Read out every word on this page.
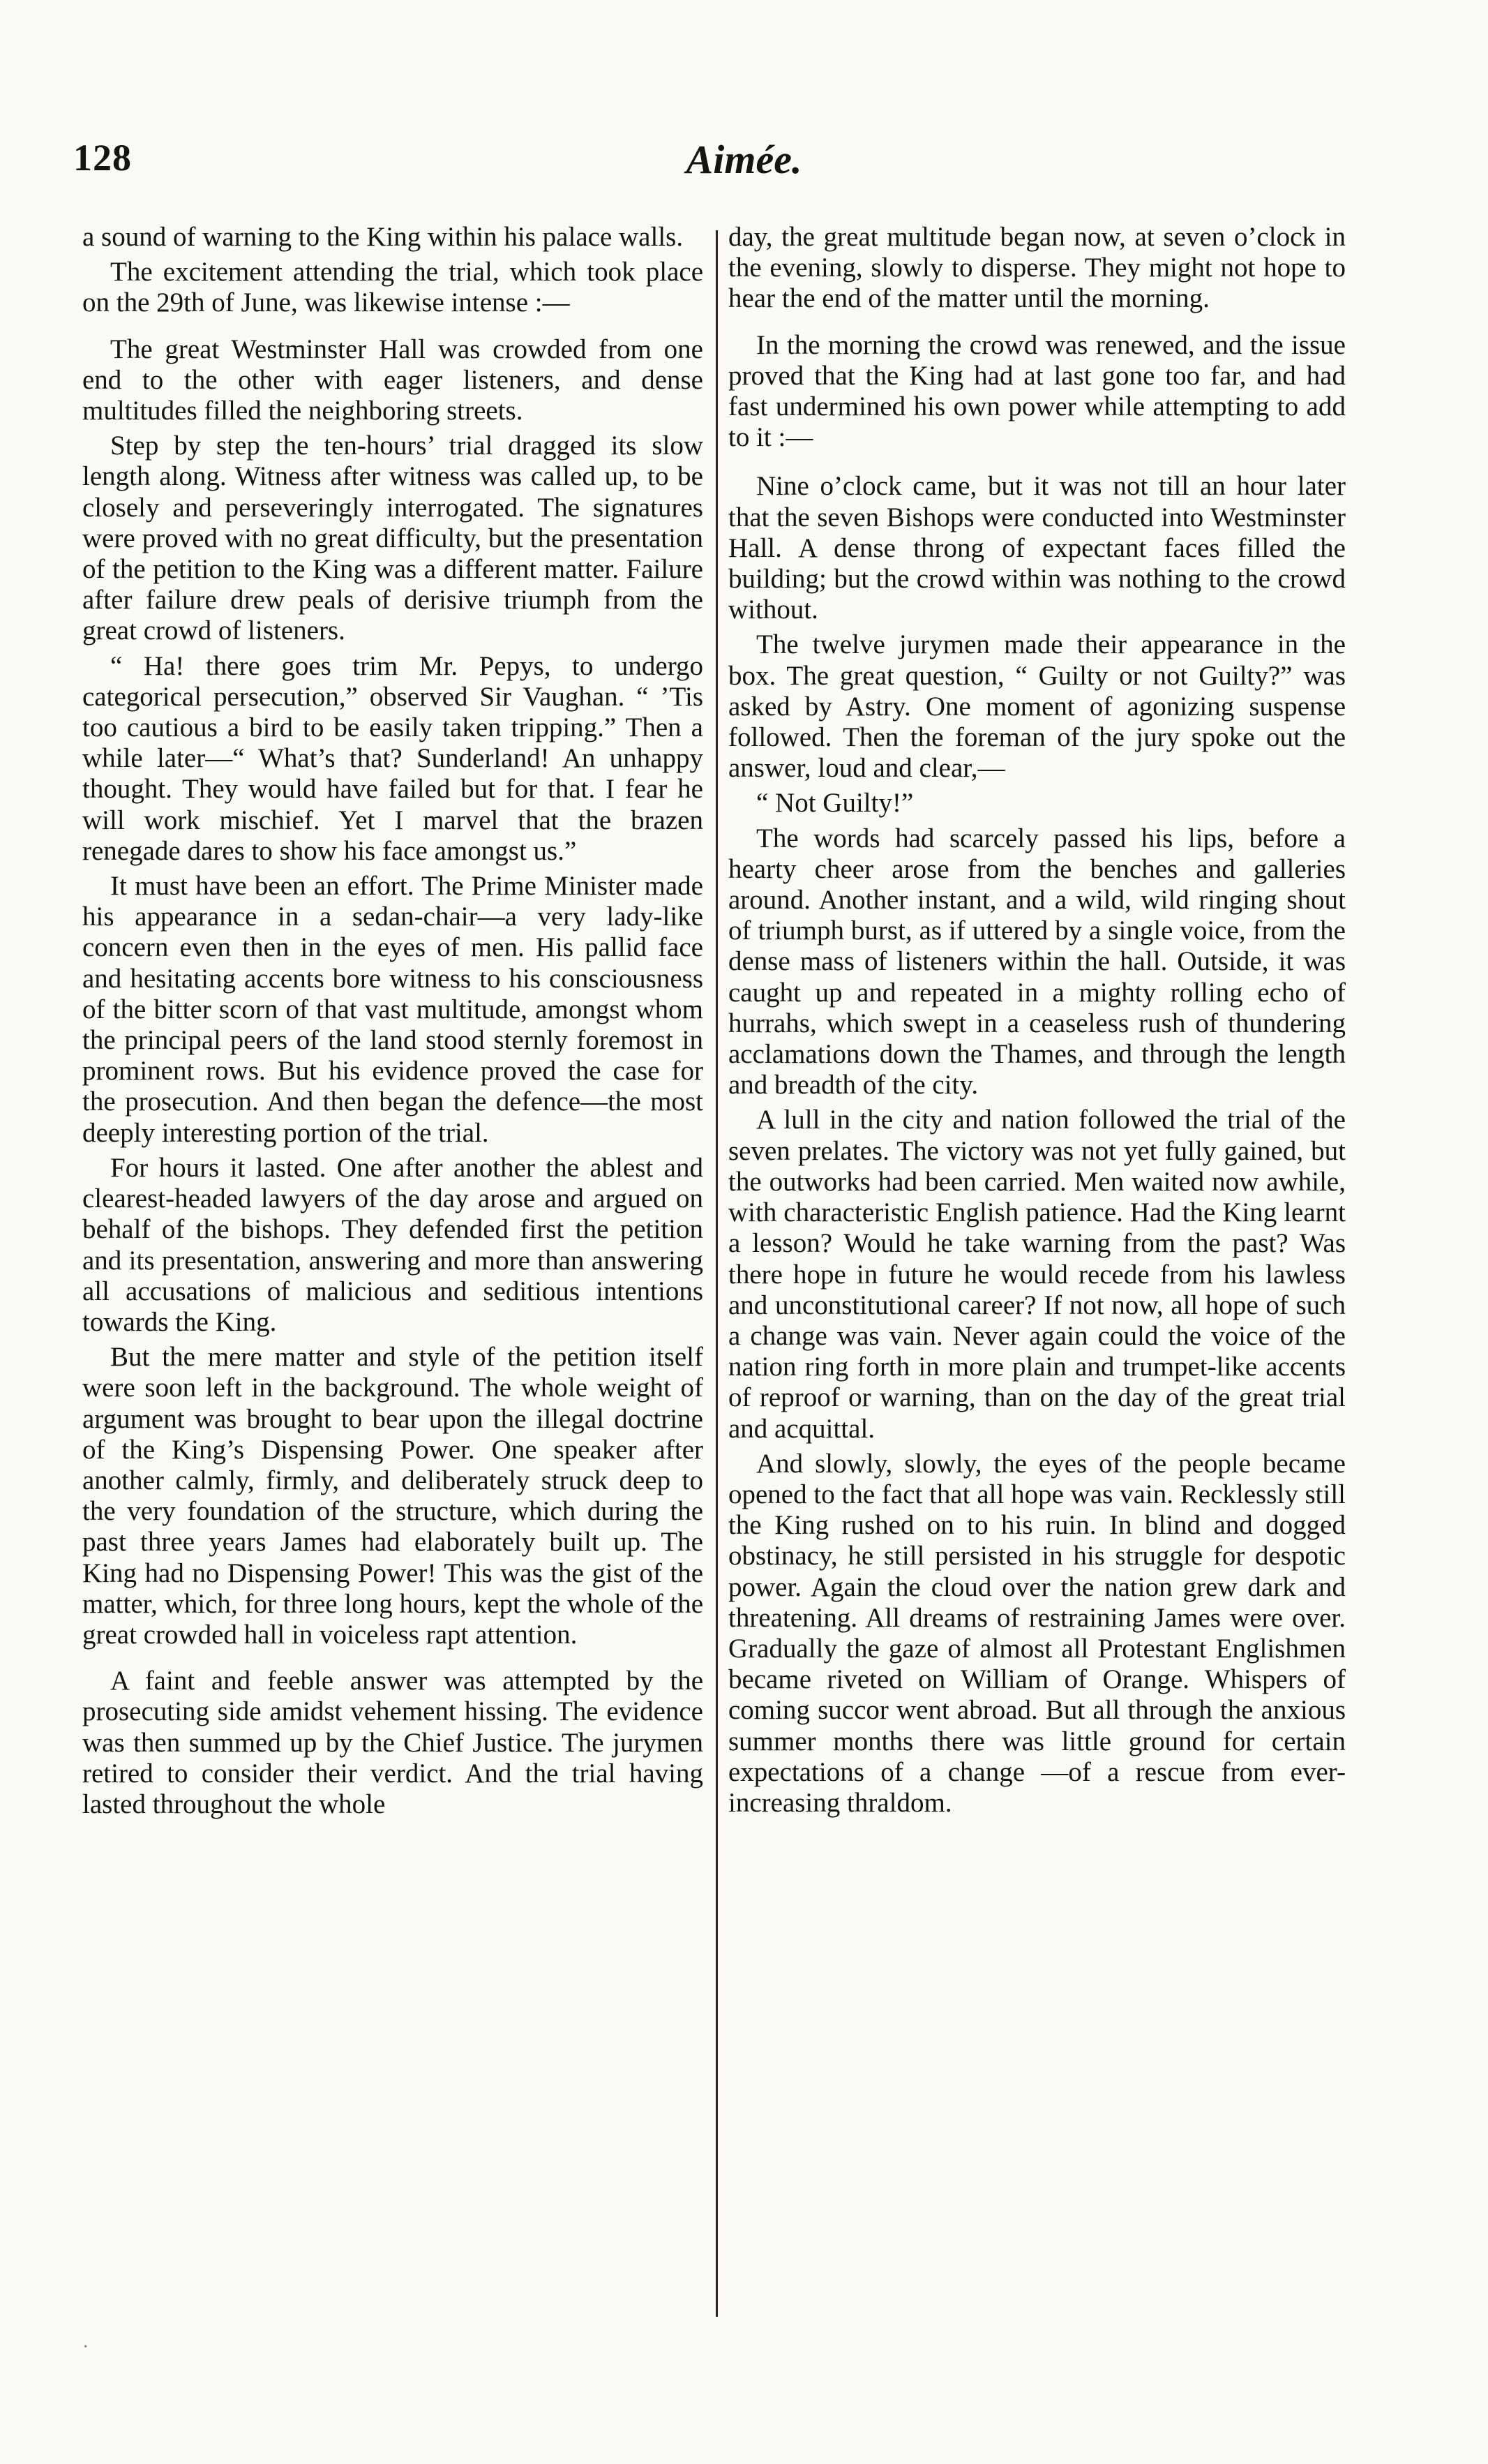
128	Aimée.

a sound of warning to the King within his palace walls.

The excitement attending the trial, which took place on the 29th of June, was likewise intense :—

The great Westminster Hall was crowded from one end to the other with eager listeners, and dense multitudes filled the neighboring streets.

Step by step the ten-hours’ trial dragged its slow length along. Witness after witness was called up, to be closely and perseveringly interrogated. The signatures were proved with no great difficulty, but the presentation of the petition to the King was a different matter. Failure after failure drew peals of derisive triumph from the great crowd of listeners.

“ Ha! there goes trim Mr. Pepys, to undergo categorical persecution,” observed Sir Vaughan. “ ’Tis too cautious a bird to be easily taken tripping.” Then a while later—“ What’s that? Sunderland! An unhappy thought. They would have failed but for that. I fear he will work mischief. Yet I marvel that the brazen renegade dares to show his face amongst us.”

It must have been an effort. The Prime Minister made his appearance in a sedan-chair—a very lady-like concern even then in the eyes of men. His pallid face and hesitating accents bore witness to his consciousness of the bitter scorn of that vast multitude, amongst whom the principal peers of the land stood sternly foremost in prominent rows. But his evidence proved the case for the prosecution. And then began the defence—the most deeply interesting portion of the trial.

For hours it lasted. One after another the ablest and clearest-headed lawyers of the day arose and argued on behalf of the bishops. They defended first the petition and its presentation, answering and more than answering all accusations of malicious and seditious intentions towards the King.

But the mere matter and style of the petition itself were soon left in the background. The whole weight of argument was brought to bear upon the illegal doctrine of the King’s Dispensing Power. One speaker after another calmly, firmly, and deliberately struck deep to the very foundation of the structure, which during the past three years James had elaborately built up. The King had no Dispensing Power! This was the gist of the matter, which, for three long hours, kept the whole of the great crowded hall in voiceless rapt attention.

A faint and feeble answer was attempted by the prosecuting side amidst vehement hissing. The evidence was then summed up by the Chief Justice. The jurymen retired to consider their verdict. And the trial having lasted throughout the whole

day, the great multitude began now, at seven o’clock in the evening, slowly to disperse. They might not hope to hear the end of the matter until the morning.

In the morning the crowd was renewed, and the issue proved that the King had at last gone too far, and had fast undermined his own power while attempting to add to it :—

Nine o’clock came, but it was not till an hour later that the seven Bishops were conducted into Westminster Hall. A dense throng of expectant faces filled the building; but the crowd within was nothing to the crowd without.

The twelve jurymen made their appearance in the box. The great question, “ Guilty or not Guilty?” was asked by Astry. One moment of agonizing suspense followed. Then the foreman of the jury spoke out the answer, loud and clear,—

“ Not Guilty!”

The words had scarcely passed his lips, before a hearty cheer arose from the benches and galleries around. Another instant, and a wild, wild ringing shout of triumph burst, as if uttered by a single voice, from the dense mass of listeners within the hall. Outside, it was caught up and repeated in a mighty rolling echo of hurrahs, which swept in a ceaseless rush of thundering acclamations down the Thames, and through the length and breadth of the city.

A lull in the city and nation followed the trial of the seven prelates. The victory was not yet fully gained, but the outworks had been carried. Men waited now awhile, with characteristic English patience. Had the King learnt a lesson? Would he take warning from the past? Was there hope in future he would recede from his lawless and unconstitutional career? If not now, all hope of such a change was vain. Never again could the voice of the nation ring forth in more plain and trumpet-like accents of reproof or warning, than on the day of the great trial and acquittal.

And slowly, slowly, the eyes of the people became opened to the fact that all hope was vain. Recklessly still the King rushed on to his ruin. In blind and dogged obstinacy, he still persisted in his struggle for despotic power. Again the cloud over the nation grew dark and threatening. All dreams of restraining James were over. Gradually the gaze of almost all Protestant Englishmen became riveted on William of Orange. Whispers of coming succor went abroad. But all through the anxious summer months there was little ground for certain expectations of a change —of a rescue from ever-increasing thraldom.

·
